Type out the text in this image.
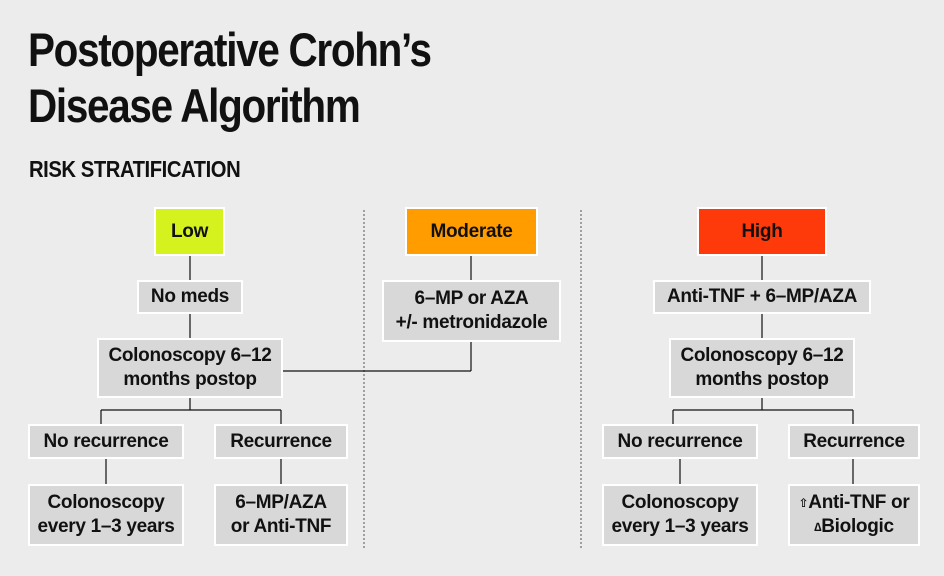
Postoperative Crohn’s
Disease Algorithm
RISK STRATIFICATION
Low
No meds
Colonoscopy 6–12
months postop
No recurrence	Recurrence
Colonoscopy
every 1–3 years
6–MP/AZA
or Anti-TNF
Moderate
6–MP or AZA
+/- metronidazole
High
Anti-TNF + 6–MP/AZA
Colonoscopy 6–12
months postop
No recurrence	Recurrence
Colonoscopy
every 1–3 years
⇧Anti-TNF or
∆Biologic
